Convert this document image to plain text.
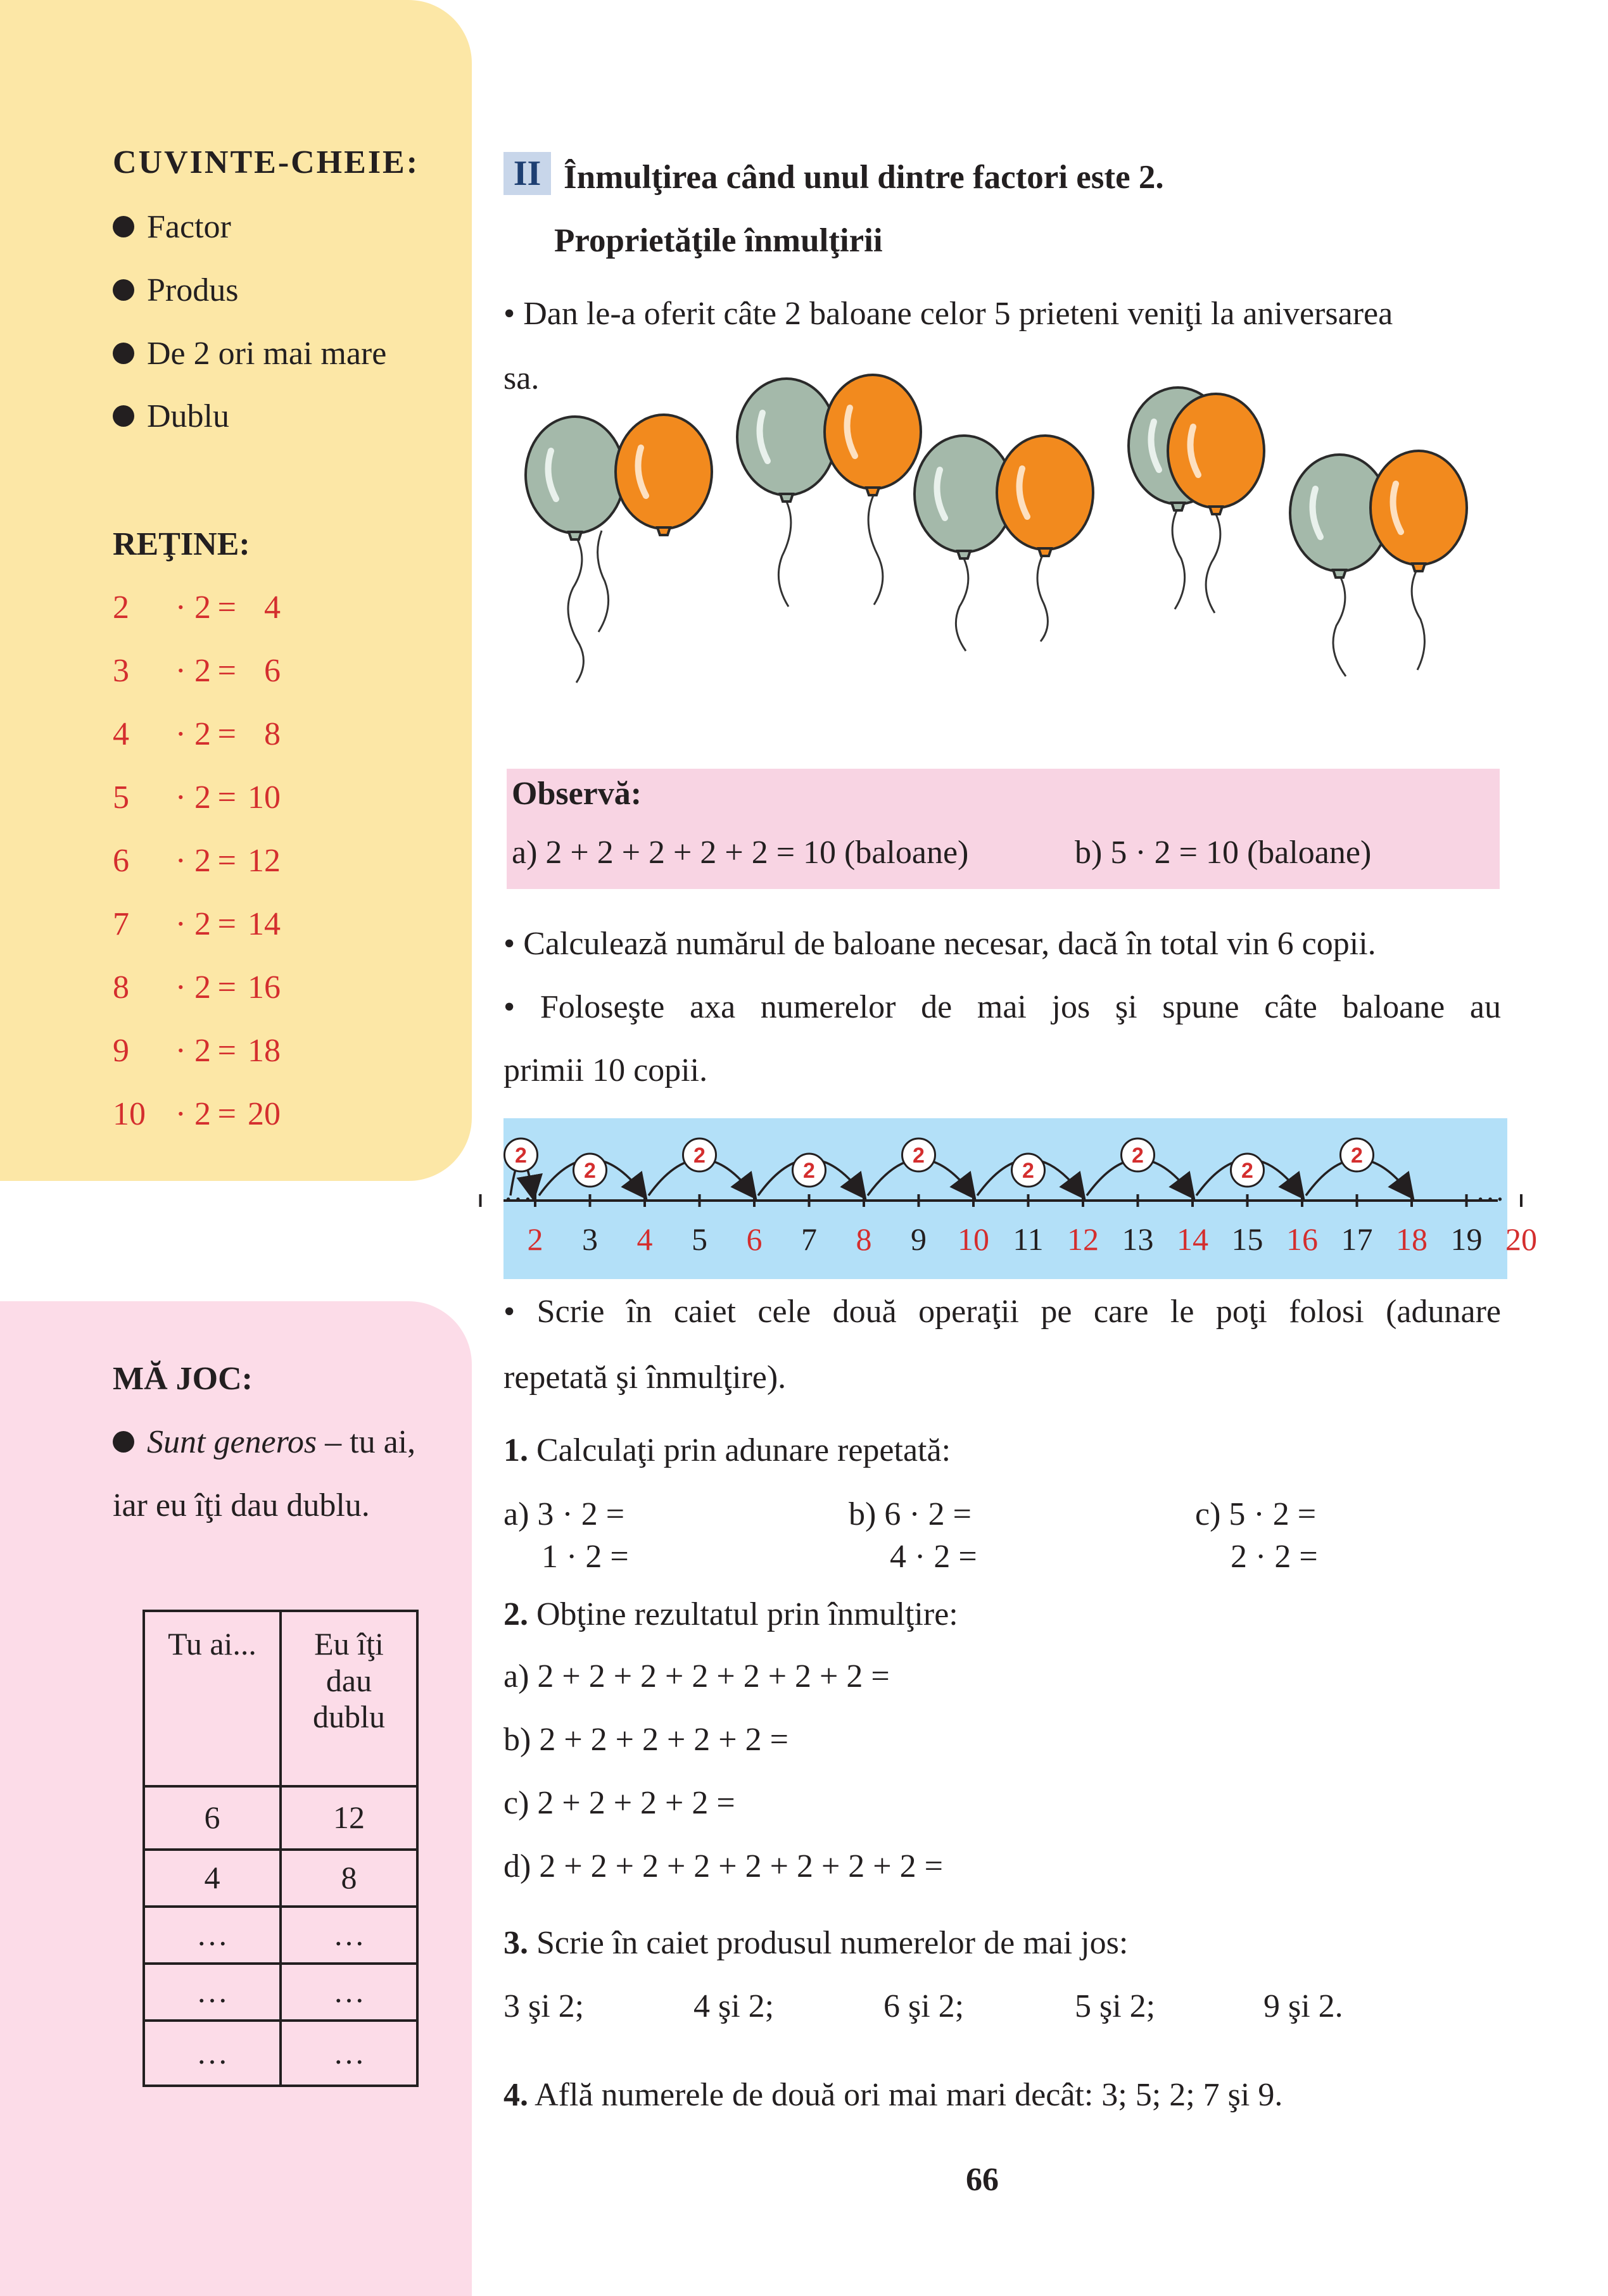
CUVINTE-CHEIE:
Factor
Produs
De 2 ori mai mare
Dublu
REŢINE:
2 · 2 = 4
3 · 2 = 6
4 · 2 = 8
5 · 2 = 10
6 · 2 = 12
7 · 2 = 14
8 · 2 = 16
9 · 2 = 18
10 · 2 = 20
MĂ JOC:
Sunt generos – tu ai,
iar eu îţi dau dublu.
Tu ai...	Eu îţi
dau
dublu
6	12
4	8
…	…
…	…
…	…
II Înmulţirea când unul dintre factori este 2.
Proprietăţile înmulţirii
• Dan le-a oferit câte 2 baloane celor 5 prieteni veniţi la aniversarea
sa.
Observă:
a) 2 + 2 + 2 + 2 + 2 = 10 (baloane)	b) 5 · 2 = 10 (baloane)
• Calculează numărul de baloane necesar, dacă în total vin 6 copii.
• Foloseşte axa numerelor de mai jos şi spune câte baloane au
primii 10 copii.
2
2
2
2
2
2
2
2
2
…	…
2 3 4 5 6 7 8 9 10 11 12 13 14 15 16 17 18 19 20
• Scrie în caiet cele două operaţii pe care le poţi folosi (adunare
repetată şi înmulţire).
1. Calculaţi prin adunare repetată:
a) 3 · 2 =
1 · 2 =
b) 6 · 2 =
4 · 2 =
c) 5 · 2 =
2 · 2 =
2. Obţine rezultatul prin înmulţire:
a) 2 + 2 + 2 + 2 + 2 + 2 + 2 =
b) 2 + 2 + 2 + 2 + 2 =
c) 2 + 2 + 2 + 2 =
d) 2 + 2 + 2 + 2 + 2 + 2 + 2 + 2 =
3. Scrie în caiet produsul numerelor de mai jos:
3 şi 2;	4 şi 2;	6 şi 2;	5 şi 2;	9 şi 2.
4. Află numerele de două ori mai mari decât: 3; 5; 2; 7 şi 9.
66
